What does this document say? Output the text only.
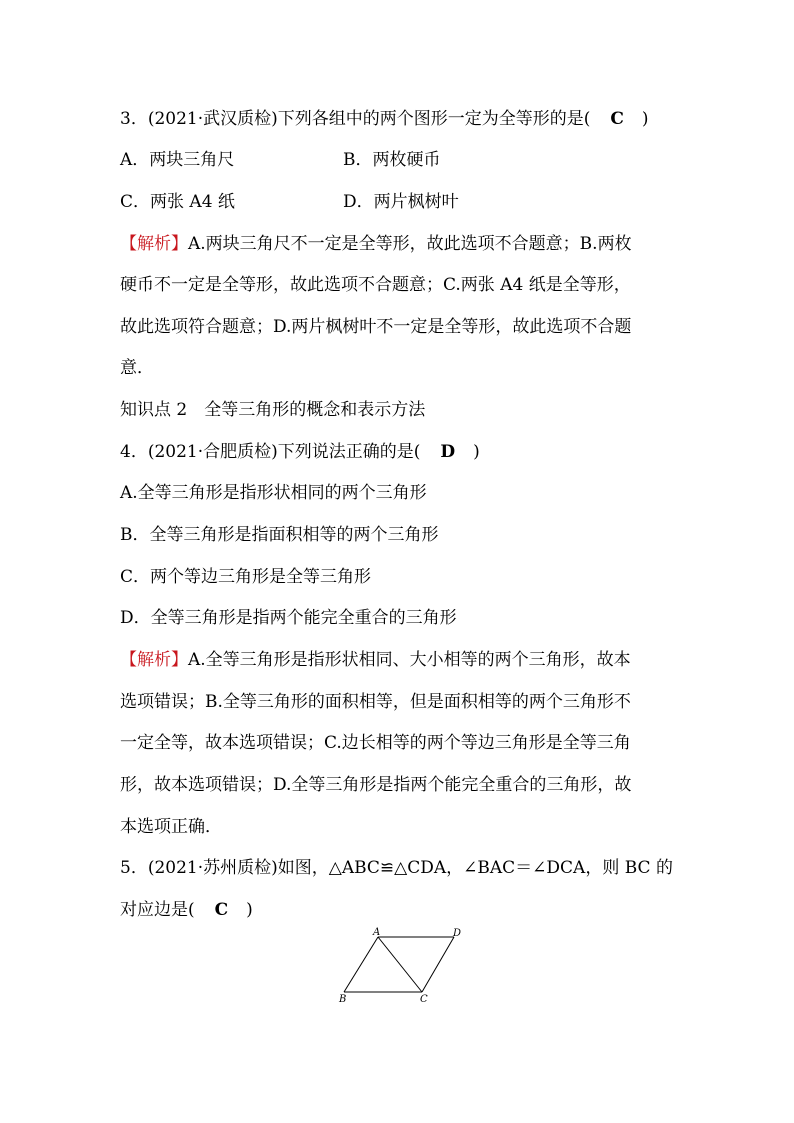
3．(2021·武汉质检)下列各组中的两个图形一定为全等形的是( C )
A．两块三角尺	B．两枚硬币
C．两张 A4 纸	D．两片枫树叶
【解析】A.两块三角尺不一定是全等形，故此选项不合题意；B.两枚
硬币不一定是全等形，故此选项不合题意；C.两张 A4 纸是全等形，
故此选项符合题意；D.两片枫树叶不一定是全等形，故此选项不合题
意．
知识点 2　全等三角形的概念和表示方法
4．(2021·合肥质检)下列说法正确的是( D )
A.全等三角形是指形状相同的两个三角形
B．全等三角形是指面积相等的两个三角形
C．两个等边三角形是全等三角形
D．全等三角形是指两个能完全重合的三角形
【解析】A.全等三角形是指形状相同、大小相等的两个三角形，故本
选项错误；B.全等三角形的面积相等，但是面积相等的两个三角形不
一定全等，故本选项错误；C.边长相等的两个等边三角形是全等三角
形，故本选项错误；D.全等三角形是指两个能完全重合的三角形，故
本选项正确．
5．(2021·苏州质检)如图，△ABC≌△CDA，∠BAC＝∠DCA，则 BC 的
对应边是( C )
A	D
B	C
